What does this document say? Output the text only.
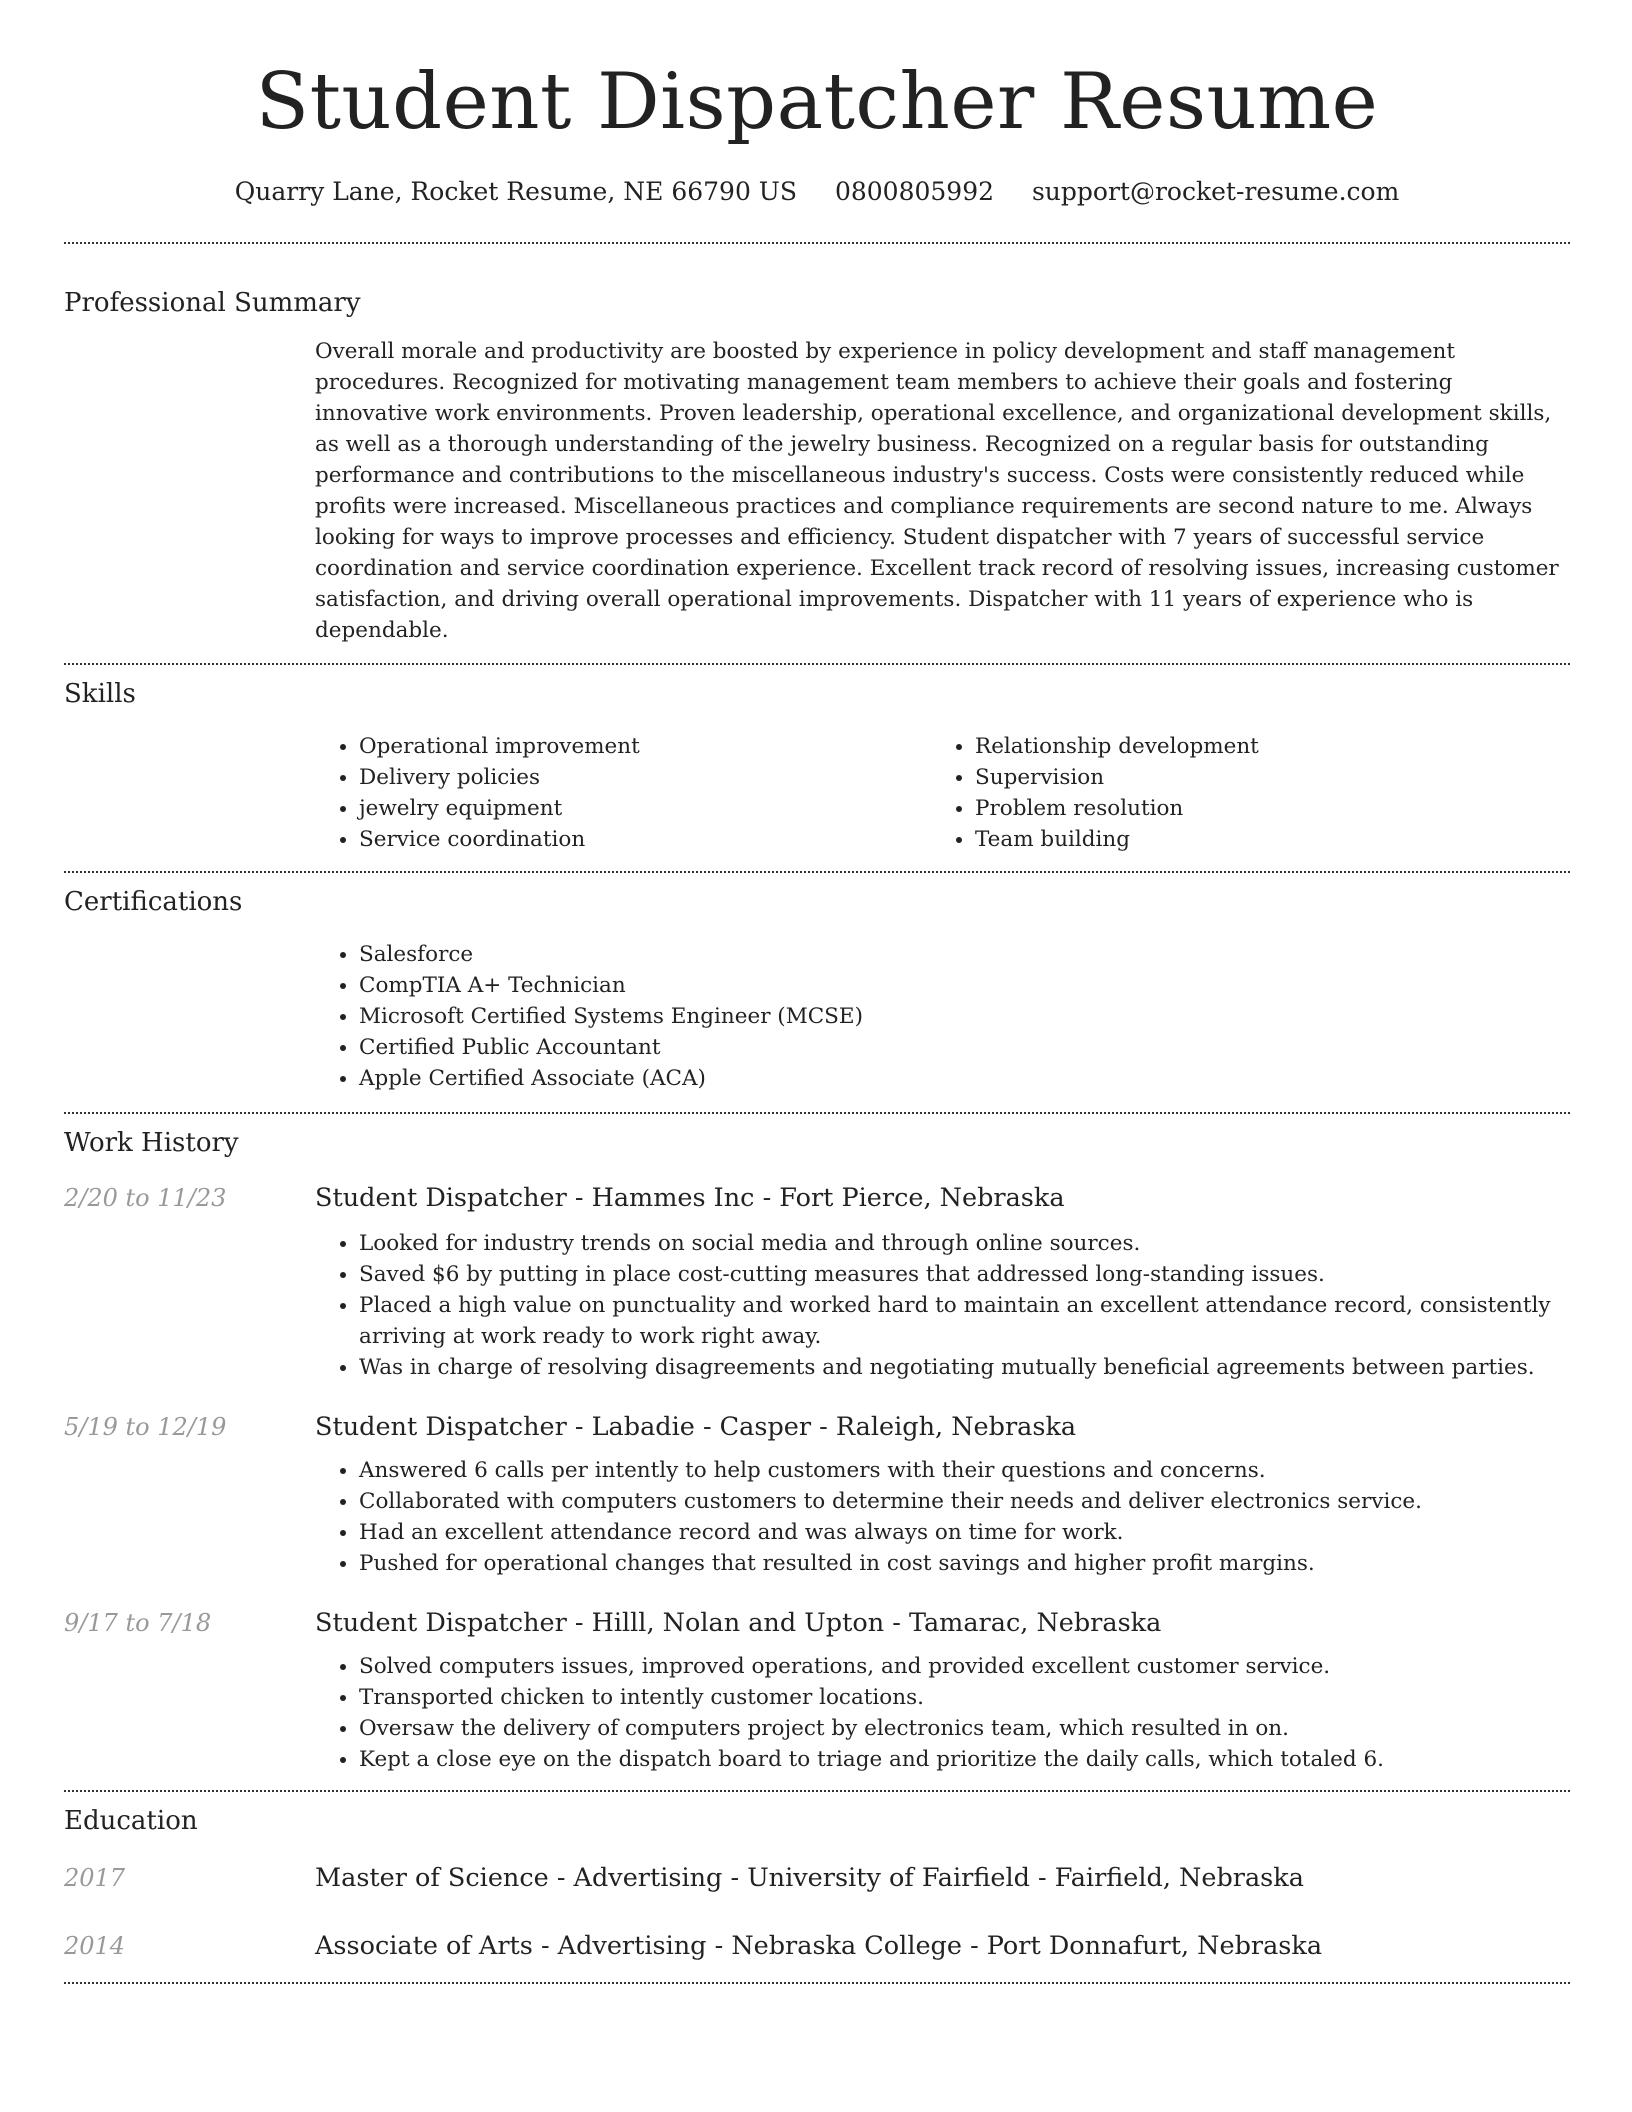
Student Dispatcher Resume
Quarry Lane, Rocket Resume, NE 66790 US 0800805992 support@rocket-resume.com
Professional Summary
Overall morale and productivity are boosted by experience in policy development and staff management procedures. Recognized for motivating management team members to achieve their goals and fostering innovative work environments. Proven leadership, operational excellence, and organizational development skills, as well as a thorough understanding of the jewelry business. Recognized on a regular basis for outstanding performance and contributions to the miscellaneous industry's success. Costs were consistently reduced while profits were increased. Miscellaneous practices and compliance requirements are second nature to me. Always looking for ways to improve processes and efficiency. Student dispatcher with 7 years of successful service coordination and service coordination experience. Excellent track record of resolving issues, increasing customer satisfaction, and driving overall operational improvements. Dispatcher with 11 years of experience who is dependable.
Skills
• Operational improvement
• Delivery policies
• jewelry equipment
• Service coordination
• Relationship development
• Supervision
• Problem resolution
• Team building
Certifications
• Salesforce
• CompTIA A+ Technician
• Microsoft Certified Systems Engineer (MCSE)
• Certified Public Accountant
• Apple Certified Associate (ACA)
Work History
2/20 to 11/23	Student Dispatcher - Hammes Inc - Fort Pierce, Nebraska
• Looked for industry trends on social media and through online sources.
• Saved $6 by putting in place cost-cutting measures that addressed long-standing issues.
• Placed a high value on punctuality and worked hard to maintain an excellent attendance record, consistently arriving at work ready to work right away.
• Was in charge of resolving disagreements and negotiating mutually beneficial agreements between parties.
5/19 to 12/19	Student Dispatcher - Labadie - Casper - Raleigh, Nebraska
• Answered 6 calls per intently to help customers with their questions and concerns.
• Collaborated with computers customers to determine their needs and deliver electronics service.
• Had an excellent attendance record and was always on time for work.
• Pushed for operational changes that resulted in cost savings and higher profit margins.
9/17 to 7/18	Student Dispatcher - Hilll, Nolan and Upton - Tamarac, Nebraska
• Solved computers issues, improved operations, and provided excellent customer service.
• Transported chicken to intently customer locations.
• Oversaw the delivery of computers project by electronics team, which resulted in on.
• Kept a close eye on the dispatch board to triage and prioritize the daily calls, which totaled 6.
Education
2017	Master of Science - Advertising - University of Fairfield - Fairfield, Nebraska
2014	Associate of Arts - Advertising - Nebraska College - Port Donnafurt, Nebraska
